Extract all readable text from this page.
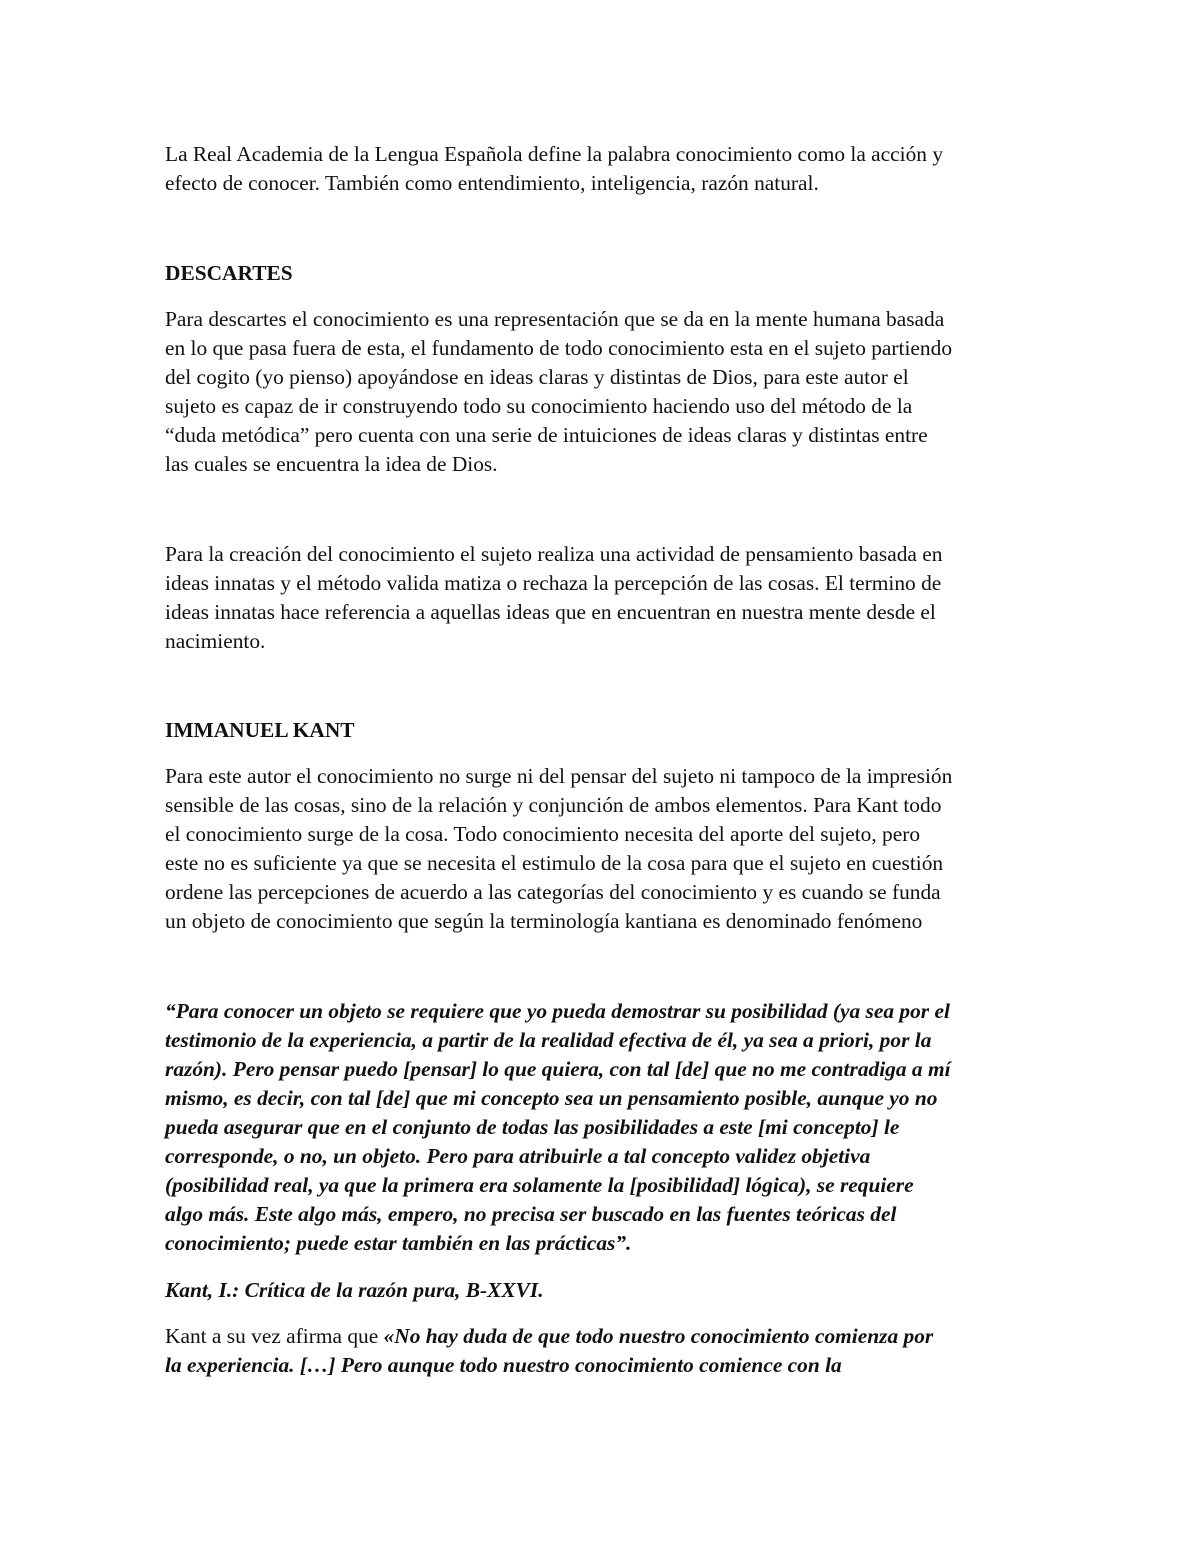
La Real Academia de la Lengua Española define la palabra conocimiento como la acción y
efecto de conocer. También como entendimiento, inteligencia, razón natural.
DESCARTES
Para descartes el conocimiento es una representación que se da en la mente humana basada
en lo que pasa fuera de esta, el fundamento de todo conocimiento esta en el sujeto partiendo
del cogito (yo pienso) apoyándose en ideas claras y distintas de Dios, para este autor el
sujeto es capaz de ir construyendo todo su conocimiento haciendo uso del método de la
“duda metódica” pero cuenta con una serie de intuiciones de ideas claras y distintas entre
las cuales se encuentra la idea de Dios.
Para la creación del conocimiento el sujeto realiza una actividad de pensamiento basada en
ideas innatas y el método valida matiza o rechaza la percepción de las cosas. El termino de
ideas innatas hace referencia a aquellas ideas que en encuentran en nuestra mente desde el
nacimiento.
IMMANUEL KANT
Para este autor el conocimiento no surge ni del pensar del sujeto ni tampoco de la impresión
sensible de las cosas, sino de la relación y conjunción de ambos elementos. Para Kant todo
el conocimiento surge de la cosa. Todo conocimiento necesita del aporte del sujeto, pero
este no es suficiente ya que se necesita el estimulo de la cosa para que el sujeto en cuestión
ordene las percepciones de acuerdo a las categorías del conocimiento y es cuando se funda
un objeto de conocimiento que según la terminología kantiana es denominado fenómeno
“Para conocer un objeto se requiere que yo pueda demostrar su posibilidad (ya sea por el
testimonio de la experiencia, a partir de la realidad efectiva de él, ya sea a priori, por la
razón). Pero pensar puedo [pensar] lo que quiera, con tal [de] que no me contradiga a mí
mismo, es decir, con tal [de] que mi concepto sea un pensamiento posible, aunque yo no
pueda asegurar que en el conjunto de todas las posibilidades a este [mi concepto] le
corresponde, o no, un objeto. Pero para atribuirle a tal concepto validez objetiva
(posibilidad real, ya que la primera era solamente la [posibilidad] lógica), se requiere
algo más. Este algo más, empero, no precisa ser buscado en las fuentes teóricas del
conocimiento; puede estar también en las prácticas”.
Kant, I.: Crítica de la razón pura, B-XXVI.
Kant a su vez afirma que «No hay duda de que todo nuestro conocimiento comienza por
la experiencia. […] Pero aunque todo nuestro conocimiento comience con la
